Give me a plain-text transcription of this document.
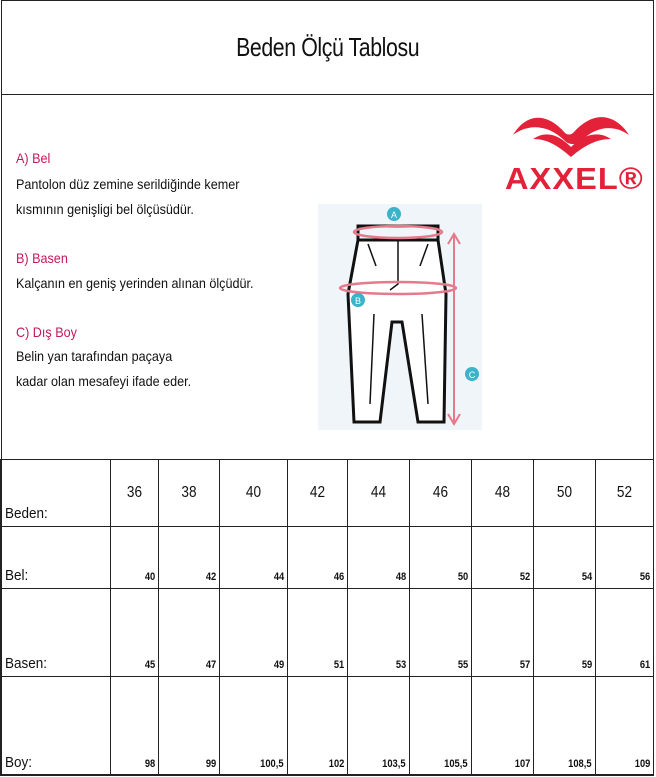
Beden Ölçü Tablosu
A) Bel
Pantolon düz zemine serildiğinde kemer
kısmının genişligi bel ölçüsüdür.
B) Basen
Kalçanın en geniş yerinden alınan ölçüdür.
C) Dış Boy
Belin yan tarafından paçaya
kadar olan mesafeyi ifade eder.
AXXEL®
A
B
C
Beden:	36	38	40	42	44	46	48	50	52

Bel:	40	42	44	46	48	50	52	54	56

Basen:	45	47	49	51	53	55	57	59	61

Boy:	98	99	100,5	102	103,5	105,5	107	108,5	109
